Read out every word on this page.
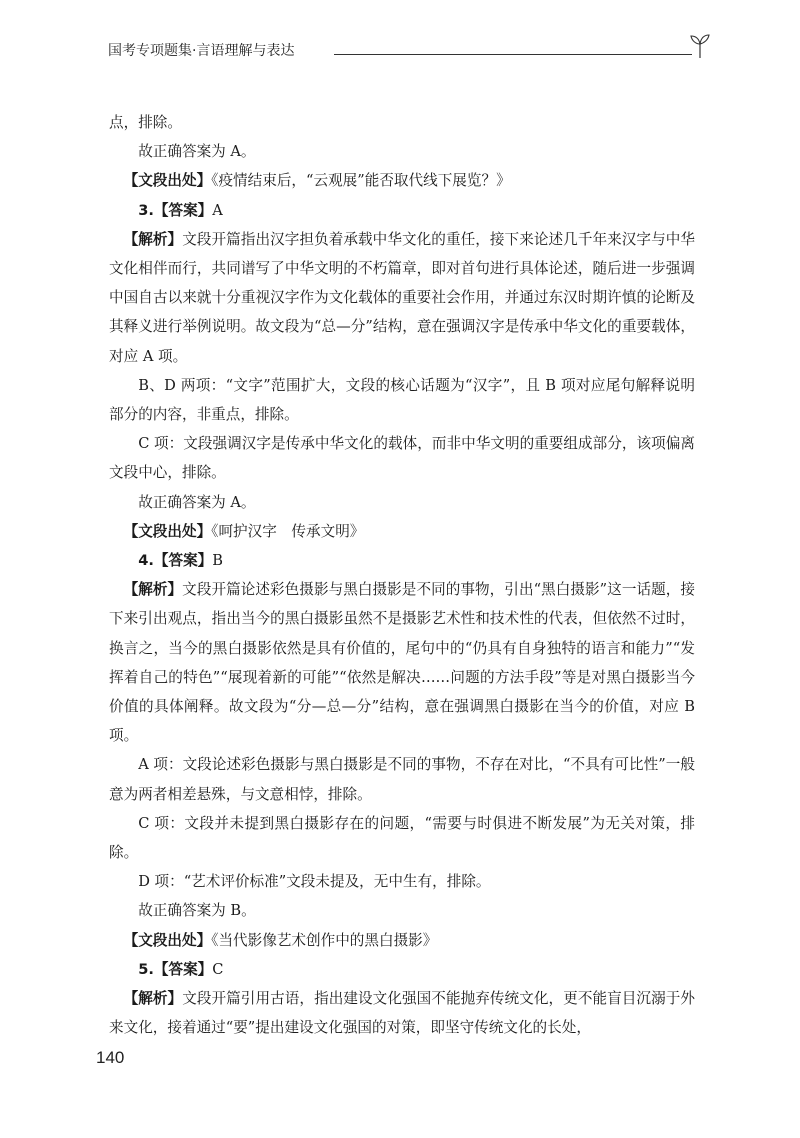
国考专项题集·言语理解与表达

点，排除。

故正确答案为 A。

【文段出处】《疫情结束后，“云观展”能否取代线下展览？》

3.【答案】A

【解析】文段开篇指出汉字担负着承载中华文化的重任，接下来论述几千年来汉字与中华文化相伴而行，共同谱写了中华文明的不朽篇章，即对首句进行具体论述，随后进一步强调中国自古以来就十分重视汉字作为文化载体的重要社会作用，并通过东汉时期许慎的论断及其释义进行举例说明。故文段为“总—分”结构，意在强调汉字是传承中华文化的重要载体，对应 A 项。

B、D 两项：“文字”范围扩大，文段的核心话题为“汉字”，且 B 项对应尾句解释说明部分的内容，非重点，排除。

C 项：文段强调汉字是传承中华文化的载体，而非中华文明的重要组成部分，该项偏离文段中心，排除。

故正确答案为 A。

【文段出处】《呵护汉字　传承文明》

4.【答案】B

【解析】文段开篇论述彩色摄影与黑白摄影是不同的事物，引出“黑白摄影”这一话题，接下来引出观点，指出当今的黑白摄影虽然不是摄影艺术性和技术性的代表，但依然不过时，换言之，当今的黑白摄影依然是具有价值的，尾句中的“仍具有自身独特的语言和能力”“发挥着自己的特色”“展现着新的可能”“依然是解决……问题的方法手段”等是对黑白摄影当今价值的具体阐释。故文段为“分—总—分”结构，意在强调黑白摄影在当今的价值，对应 B 项。

A 项：文段论述彩色摄影与黑白摄影是不同的事物，不存在对比，“不具有可比性”一般意为两者相差悬殊，与文意相悖，排除。

C 项：文段并未提到黑白摄影存在的问题，“需要与时俱进不断发展”为无关对策，排除。

D 项：“艺术评价标准”文段未提及，无中生有，排除。

故正确答案为 B。

【文段出处】《当代影像艺术创作中的黑白摄影》

5.【答案】C

【解析】文段开篇引用古语，指出建设文化强国不能抛弃传统文化，更不能盲目沉溺于外来文化，接着通过“要”提出建设文化强国的对策，即坚守传统文化的长处，

140
